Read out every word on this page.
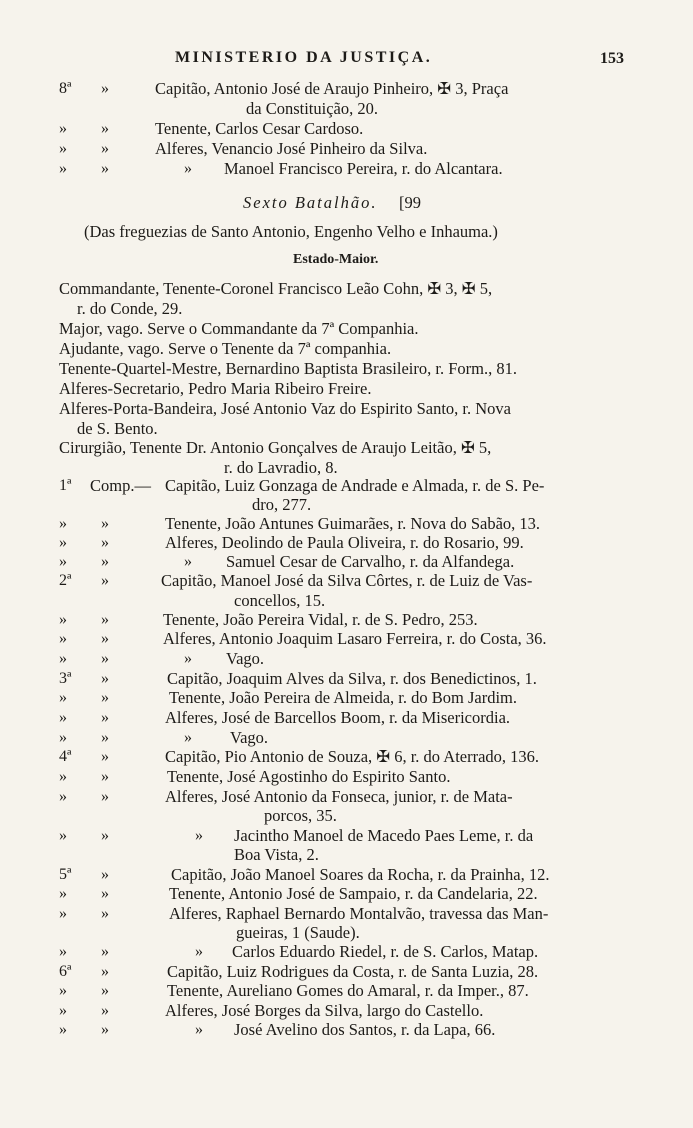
MINISTERIO DA JUSTIÇA.	153
8ª »	Capitão, Antonio José de Araujo Pinheiro, ✠ 3, Praça
da Constituição, 20.
» »	Tenente, Carlos Cesar Cardoso.
» »	Alferes, Venancio José Pinheiro da Silva.
» »	» Manoel Francisco Pereira, r. do Alcantara.
Sexto Batalhão. [99
(Das freguezias de Santo Antonio, Engenho Velho e Inhauma.)
Estado-Maior.
Commandante, Tenente-Coronel Francisco Leão Cohn, ✠ 3, ✠ 5,
r. do Conde, 29.
Major, vago. Serve o Commandante da 7ª Companhia.
Ajudante, vago. Serve o Tenente da 7ª companhia.
Tenente-Quartel-Mestre, Bernardino Baptista Brasileiro, r. Form., 81.
Alferes-Secretario, Pedro Maria Ribeiro Freire.
Alferes-Porta-Bandeira, José Antonio Vaz do Espirito Santo, r. Nova
de S. Bento.
Cirurgião, Tenente Dr. Antonio Gonçalves de Araujo Leitão, ✠ 5,
r. do Lavradio, 8.
1ª Comp.— Capitão, Luiz Gonzaga de Andrade e Almada, r. de S. Pe-
dro, 277.
» »	Tenente, João Antunes Guimarães, r. Nova do Sabão, 13.
» »	Alferes, Deolindo de Paula Oliveira, r. do Rosario, 99.
» »	» Samuel Cesar de Carvalho, r. da Alfandega.
2ª »	Capitão, Manoel José da Silva Côrtes, r. de Luiz de Vas-
concellos, 15.
» »	Tenente, João Pereira Vidal, r. de S. Pedro, 253.
» »	Alferes, Antonio Joaquim Lasaro Ferreira, r. do Costa, 36.
» »	» Vago.
3ª »	Capitão, Joaquim Alves da Silva, r. dos Benedictinos, 1.
» »	Tenente, João Pereira de Almeida, r. do Bom Jardim.
» »	Alferes, José de Barcellos Boom, r. da Misericordia.
» »	» Vago.
4ª »	Capitão, Pio Antonio de Souza, ✠ 6, r. do Aterrado, 136.
» »	Tenente, José Agostinho do Espirito Santo.
» »	Alferes, José Antonio da Fonseca, junior, r. de Mata-
porcos, 35.
» »	» Jacintho Manoel de Macedo Paes Leme, r. da
Boa Vista, 2.
5ª »	Capitão, João Manoel Soares da Rocha, r. da Prainha, 12.
» »	Tenente, Antonio José de Sampaio, r. da Candelaria, 22.
» »	Alferes, Raphael Bernardo Montalvão, travessa das Man-
gueiras, 1 (Saude).
» »	» Carlos Eduardo Riedel, r. de S. Carlos, Matap.
6ª »	Capitão, Luiz Rodrigues da Costa, r. de Santa Luzia, 28.
» »	Tenente, Aureliano Gomes do Amaral, r. da Imper., 87.
» »	Alferes, José Borges da Silva, largo do Castello.
» »	» José Avelino dos Santos, r. da Lapa, 66.
